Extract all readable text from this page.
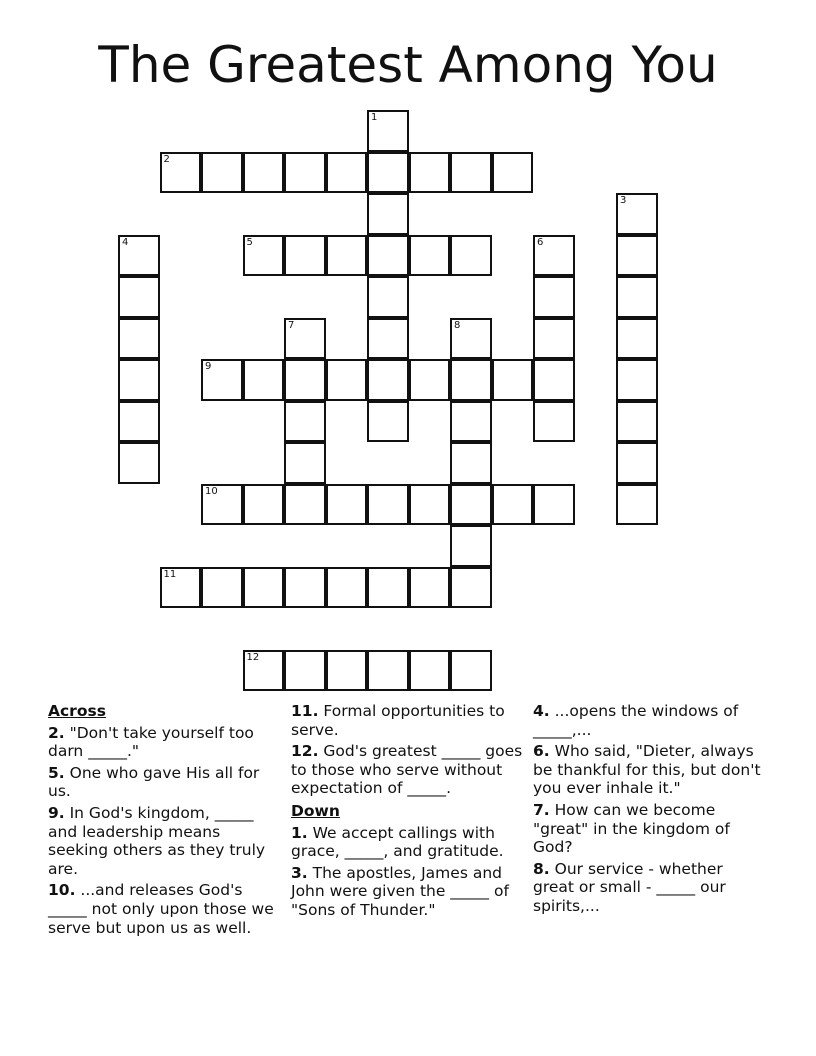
The Greatest Among You
1
2
3
4	5	6
7	8
9
10
11
12
Across
2. "Don't take yourself too darn _____."
5. One who gave His all for us.
9. In God's kingdom, _____ and leadership means seeking others as they truly are.
10. ...and releases God's _____ not only upon those we serve but upon us as well.
11. Formal opportunities to serve.
12. God's greatest _____ goes to those who serve without expectation of _____.
Down
1. We accept callings with grace, _____, and gratitude.
3. The apostles, James and John were given the _____ of "Sons of Thunder."
4. ...opens the windows of _____,...
6. Who said, "Dieter, always be thankful for this, but don't you ever inhale it."
7. How can we become "great" in the kingdom of God?
8. Our service - whether great or small - _____ our spirits,...
